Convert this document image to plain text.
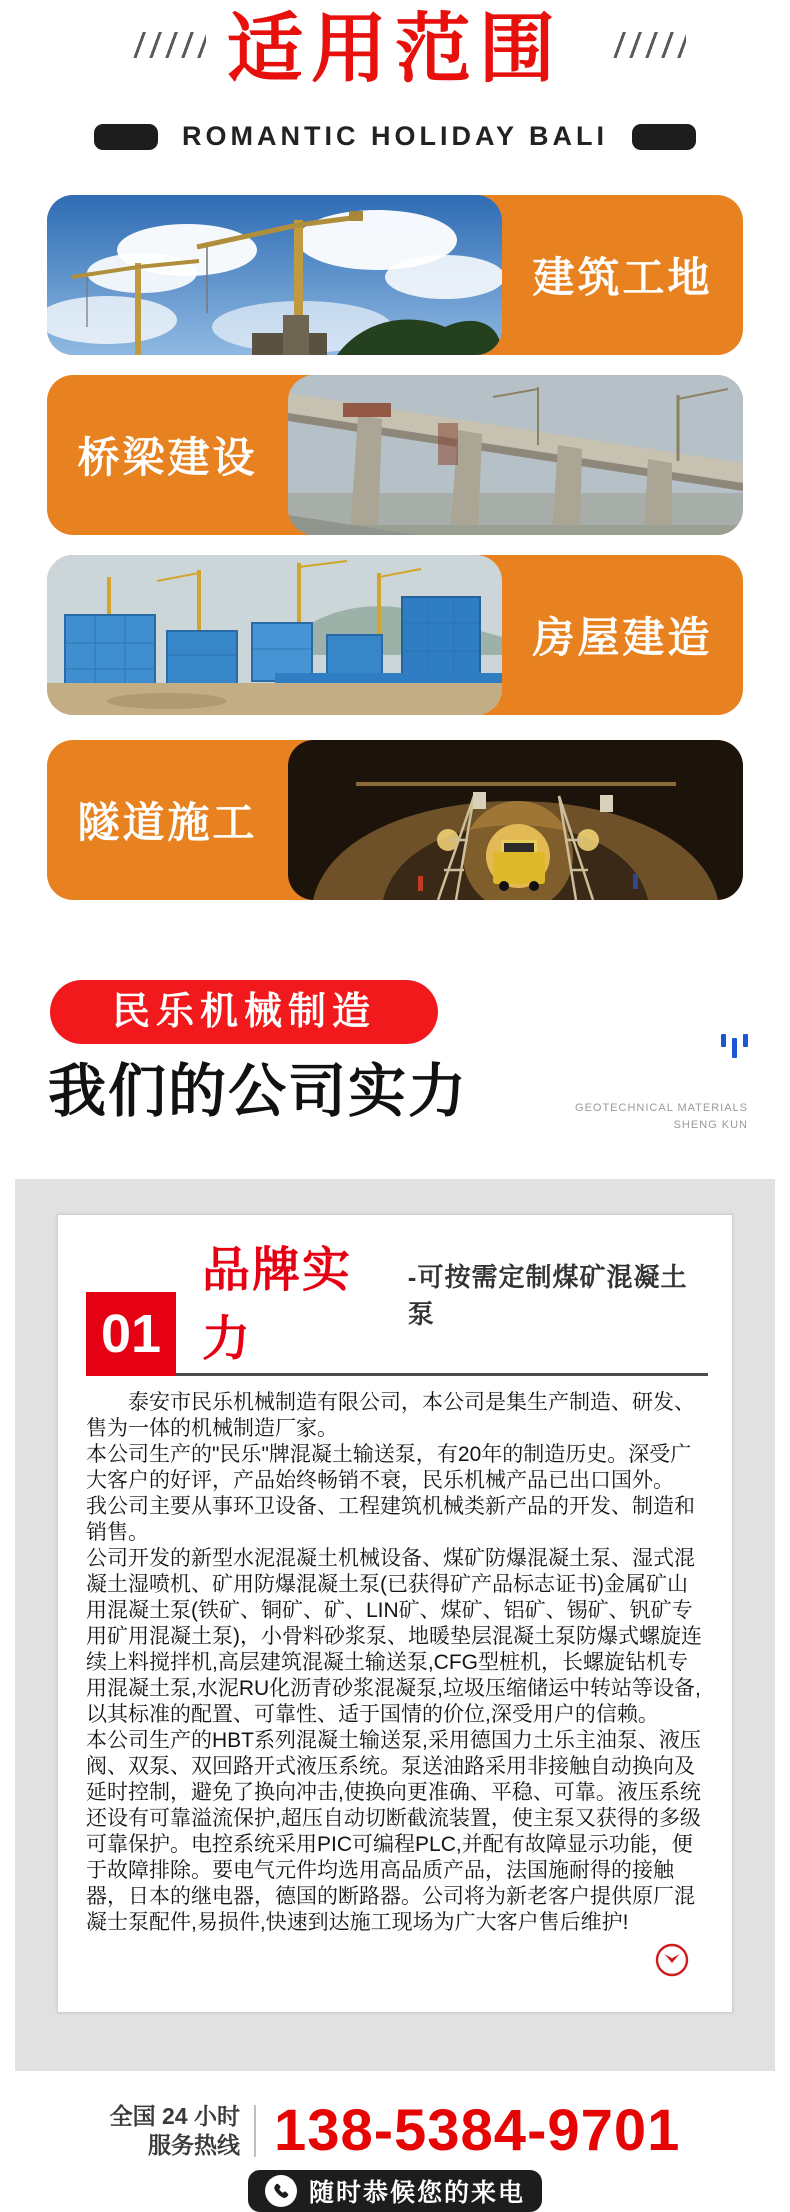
适用范围
ROMANTIC HOLIDAY BALI
建筑工地
桥梁建设
房屋建造
隧道施工
民乐机械制造
我们的公司实力	GEOTECHNICAL MATERIALS
SHENG KUN
01
品牌实力
-可按需定制煤矿混凝土泵

泰安市民乐机械制造有限公司，本公司是集生产制造、研发、售为一体的机械制造厂家。

本公司生产的"民乐"牌混凝土输送泵，有20年的制造历史。深受广大客户的好评，产品始终畅销不衰，民乐机械产品已出口国外。

我公司主要从事环卫设备、工程建筑机械类新产品的开发、制造和销售。

公司开发的新型水泥混凝土机械设备、煤矿防爆混凝土泵、湿式混凝土湿喷机、矿用防爆混凝土泵(已获得矿产品标志证书)金属矿山用混凝土泵(铁矿、铜矿、矿、LIN矿、煤矿、铝矿、锡矿、钒矿专用矿用混凝土泵)，小骨料砂浆泵、地暖垫层混凝土泵防爆式螺旋连续上料搅拌机,高层建筑混凝土输送泵,CFG型桩机，长螺旋钻机专用混凝土泵,水泥RU化沥青砂浆混凝泵,垃圾压缩储运中转站等设备,以其标准的配置、可靠性、适于国情的价位,深受用户的信赖。

本公司生产的HBT系列混凝土输送泵,采用德国力土乐主油泵、液压阀、双泵、双回路开式液压系统。泵送油路采用非接触自动换向及延时控制，避免了换向冲击,使换向更准确、平稳、可靠。液压系统还设有可靠溢流保护,超压自动切断截流装置，使主泵又获得的多级可靠保护。电控系统采用PIC可编程PLC,并配有故障显示功能，便于故障排除。要电气元件均选用高品质产品，法国施耐得的接触器，日本的继电器，德国的断路器。公司将为新老客户提供原厂混凝士泵配件,易损件,快速到达施工现场为广大客户售后维护!

全国 24 小时
服务热线 138-5384-9701
随时恭候您的来电
